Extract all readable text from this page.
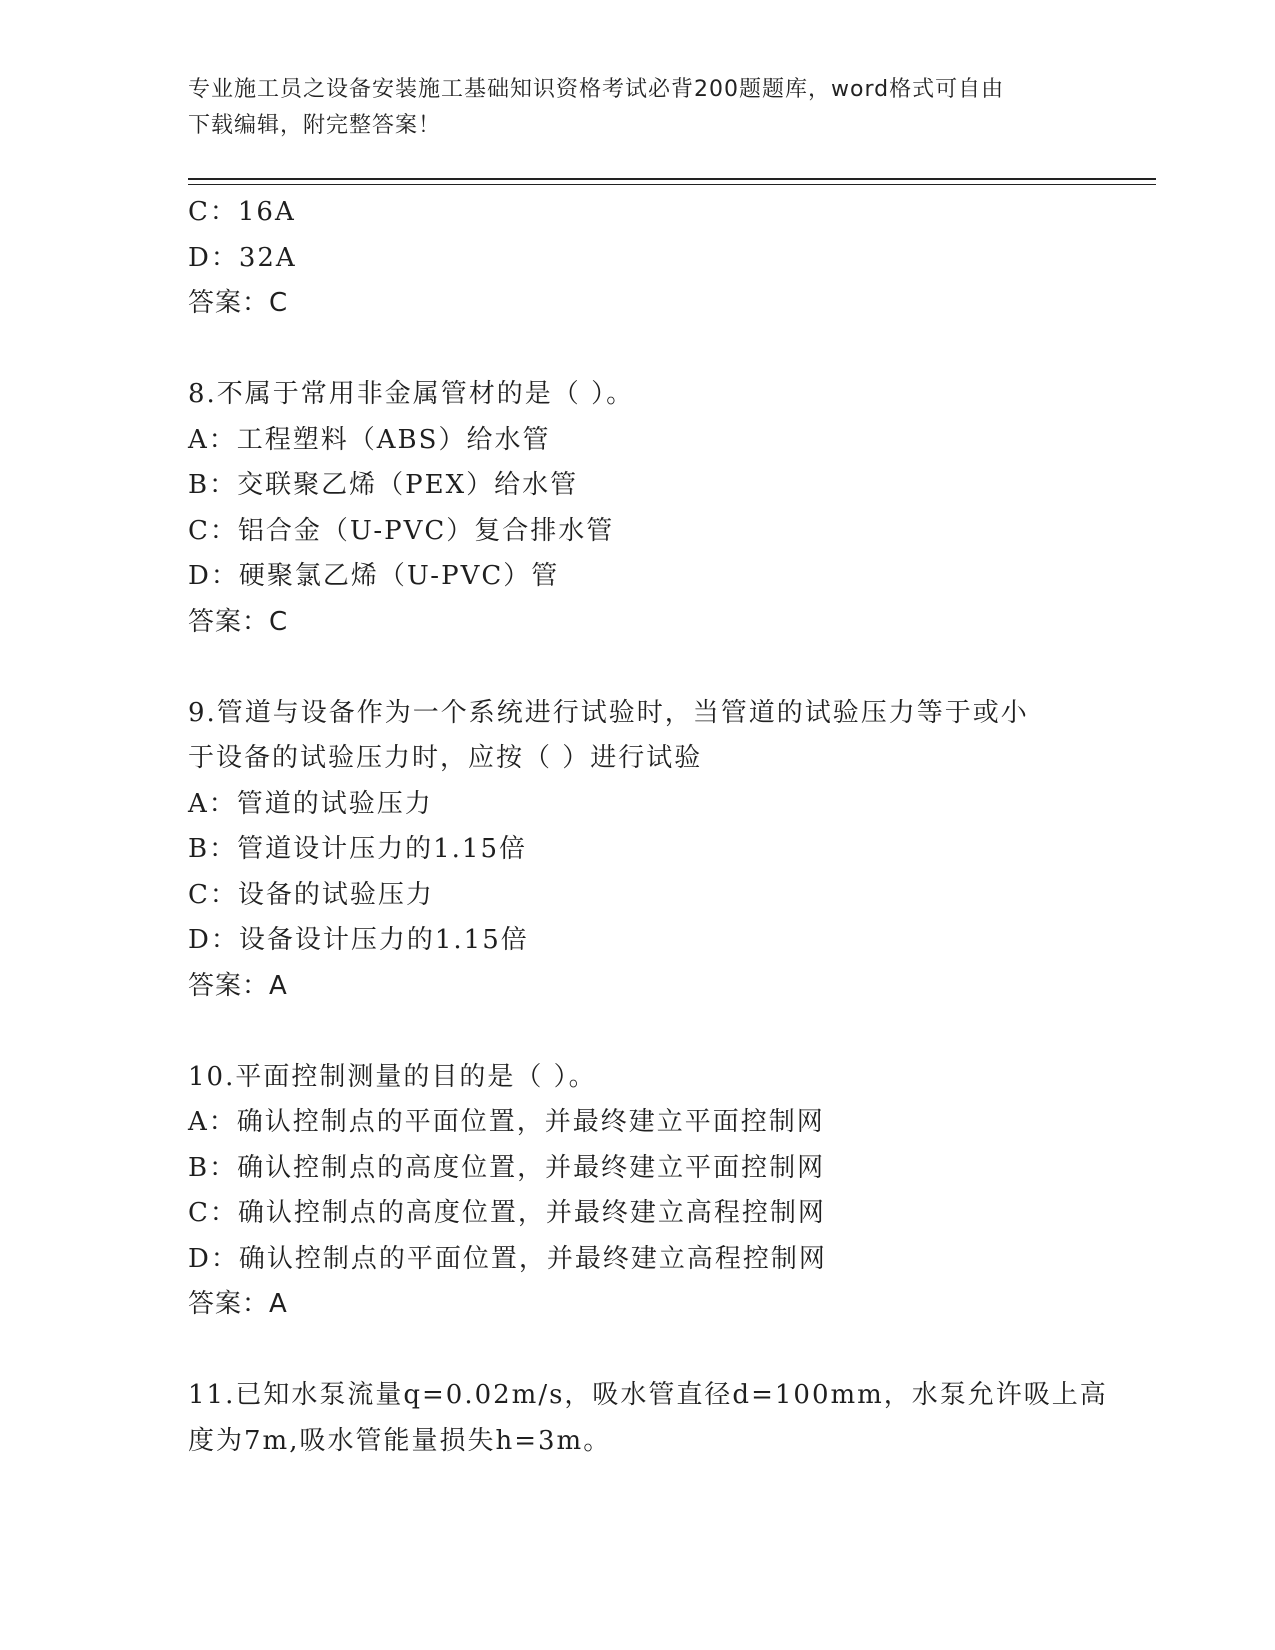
专业施工员之设备安装施工基础知识资格考试必背200题题库，word格式可自由
下载编辑，附完整答案！
C：16A
D：32A
答案：C
8.不属于常用非金属管材的是（ ）。
A：工程塑料（ABS）给水管
B：交联聚乙烯（PEX）给水管
C：铝合金（U-PVC）复合排水管
D：硬聚氯乙烯（U-PVC）管
答案：C
9.管道与设备作为一个系统进行试验时，当管道的试验压力等于或小
于设备的试验压力时，应按（ ）进行试验
A：管道的试验压力
B：管道设计压力的1.15倍
C：设备的试验压力
D：设备设计压力的1.15倍
答案：A
10.平面控制测量的目的是（ ）。
A：确认控制点的平面位置，并最终建立平面控制网
B：确认控制点的高度位置，并最终建立平面控制网
C：确认控制点的高度位置，并最终建立高程控制网
D：确认控制点的平面位置，并最终建立高程控制网
答案：A
11.已知水泵流量q=0.02m/s，吸水管直径d=100mm，水泵允许吸上高
度为7m,吸水管能量损失h=3m。
